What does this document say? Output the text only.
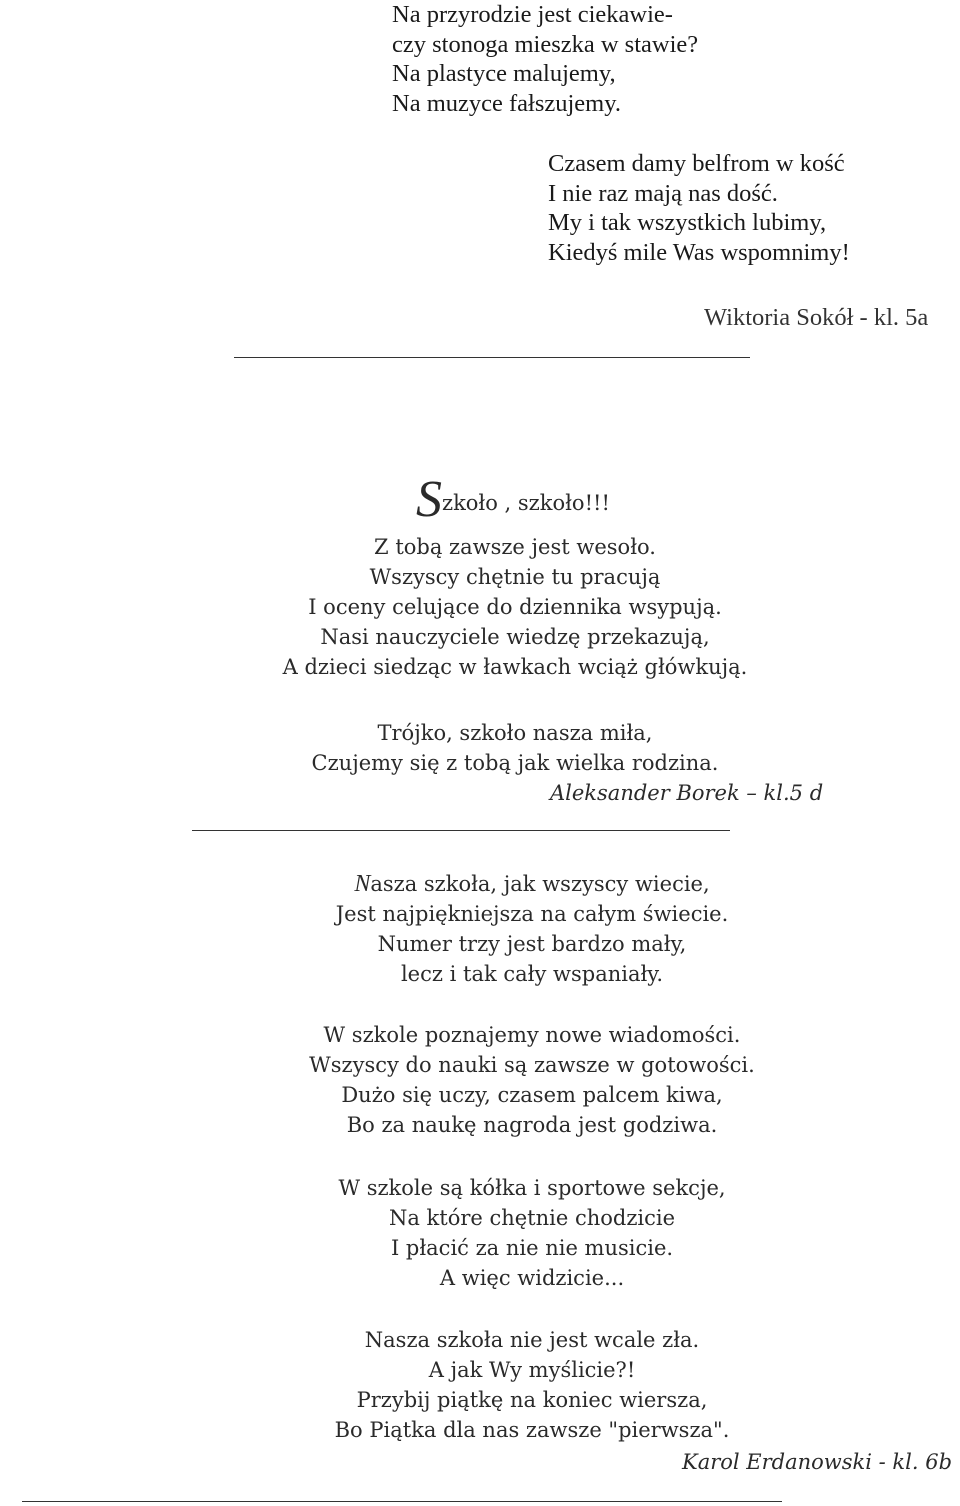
Na przyrodzie jest ciekawie-
czy stonoga mieszka w stawie?
Na plastyce malujemy,
Na muzyce fałszujemy.
Czasem damy belfrom w kość
I nie raz mają nas dość.
My i tak wszystkich lubimy,
Kiedyś mile Was wspomnimy!
Wiktoria Sokół - kl. 5a
Szkoło , szkoło!!!
Z tobą zawsze jest wesoło.
Wszyscy chętnie tu pracują
I oceny celujące do dziennika wsypują.
Nasi nauczyciele wiedzę przekazują,
A dzieci siedząc w ławkach wciąż główkują.
Trójko, szkoło nasza miła,
Czujemy się z tobą jak wielka rodzina.
Aleksander Borek – kl.5 d
Nasza szkoła, jak wszyscy wiecie,
Jest najpiękniejsza na całym świecie.
Numer trzy jest bardzo mały,
lecz i tak cały wspaniały.
W szkole poznajemy nowe wiadomości.
Wszyscy do nauki są zawsze w gotowości.
Dużo się uczy, czasem palcem kiwa,
Bo za naukę nagroda jest godziwa.
W szkole są kółka i sportowe sekcje,
Na które chętnie chodzicie
I płacić za nie nie musicie.
A więc widzicie...
Nasza szkoła nie jest wcale zła.
A jak Wy myślicie?!
Przybij piątkę na koniec wiersza,
Bo Piątka dla nas zawsze "pierwsza".
Karol Erdanowski - kl. 6b
